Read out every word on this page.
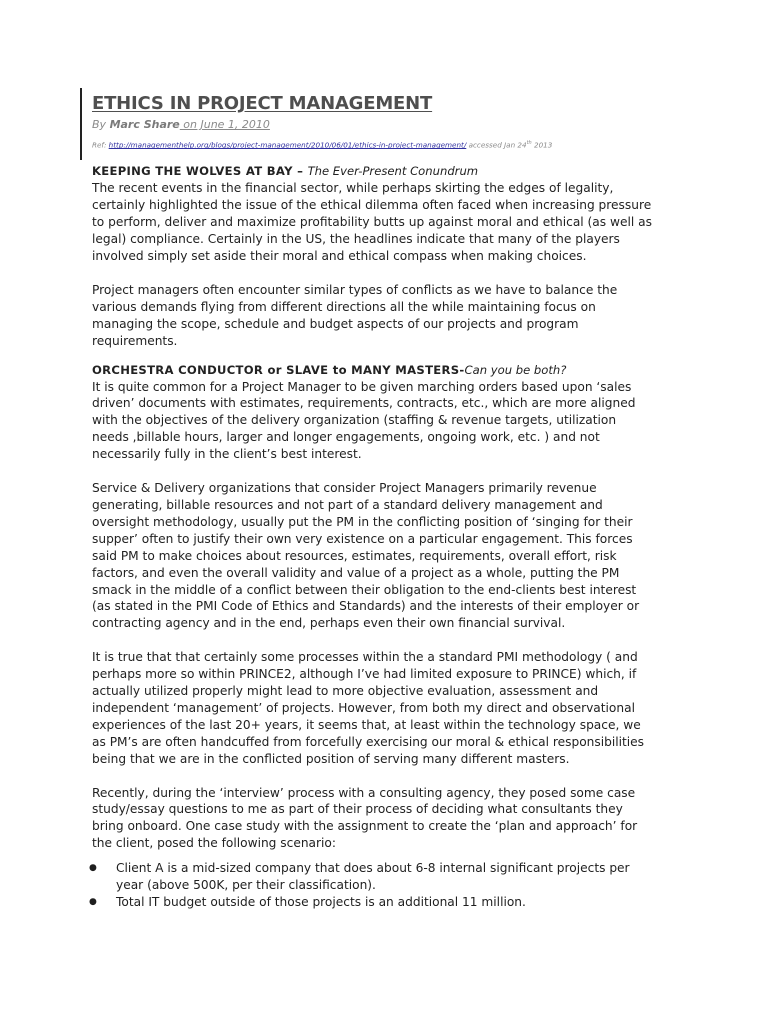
ETHICS IN PROJECT MANAGEMENT
By Marc Share on June 1, 2010
Ref: http://managementhelp.org/blogs/project-management/2010/06/01/ethics-in-project-management/ accessed Jan 24th 2013
KEEPING THE WOLVES AT BAY – The Ever-Present Conundrum

The recent events in the financial sector, while perhaps skirting the edges of legality, certainly highlighted the issue of the ethical dilemma often faced when increasing pressure to perform, deliver and maximize profitability butts up against moral and ethical (as well as legal) compliance. Certainly in the US, the headlines indicate that many of the players involved simply set aside their moral and ethical compass when making choices.

Project managers often encounter similar types of conflicts as we have to balance the various demands flying from different directions all the while maintaining focus on managing the scope, schedule and budget aspects of our projects and program requirements.

ORCHESTRA CONDUCTOR or SLAVE to MANY MASTERS-Can you be both?

It is quite common for a Project Manager to be given marching orders based upon ‘sales driven’ documents with estimates, requirements, contracts, etc., which are more aligned with the objectives of the delivery organization (staffing & revenue targets, utilization needs ,billable hours, larger and longer engagements, ongoing work, etc. ) and not necessarily fully in the client’s best interest.

Service & Delivery organizations that consider Project Managers primarily revenue generating, billable resources and not part of a standard delivery management and oversight methodology, usually put the PM in the conflicting position of ‘singing for their supper’ often to justify their own very existence on a particular engagement. This forces said PM to make choices about resources, estimates, requirements, overall effort, risk factors, and even the overall validity and value of a project as a whole, putting the PM smack in the middle of a conflict between their obligation to the end-clients best interest (as stated in the PMI Code of Ethics and Standards) and the interests of their employer or contracting agency and in the end, perhaps even their own financial survival.

It is true that that certainly some processes within the a standard PMI methodology ( and perhaps more so within PRINCE2, although I’ve had limited exposure to PRINCE) which, if actually utilized properly might lead to more objective evaluation, assessment and independent ‘management’ of projects. However, from both my direct and observational experiences of the last 20+ years, it seems that, at least within the technology space, we as PM’s are often handcuffed from forcefully exercising our moral & ethical responsibilities being that we are in the conflicted position of serving many different masters.

Recently, during the ‘interview’ process with a consulting agency, they posed some case study/essay questions to me as part of their process of deciding what consultants they bring onboard. One case study with the assignment to create the ‘plan and approach’ for the client, posed the following scenario:

● Client A is a mid-sized company that does about 6-8 internal significant projects per year (above 500K, per their classification).
● Total IT budget outside of those projects is an additional 11 million.
